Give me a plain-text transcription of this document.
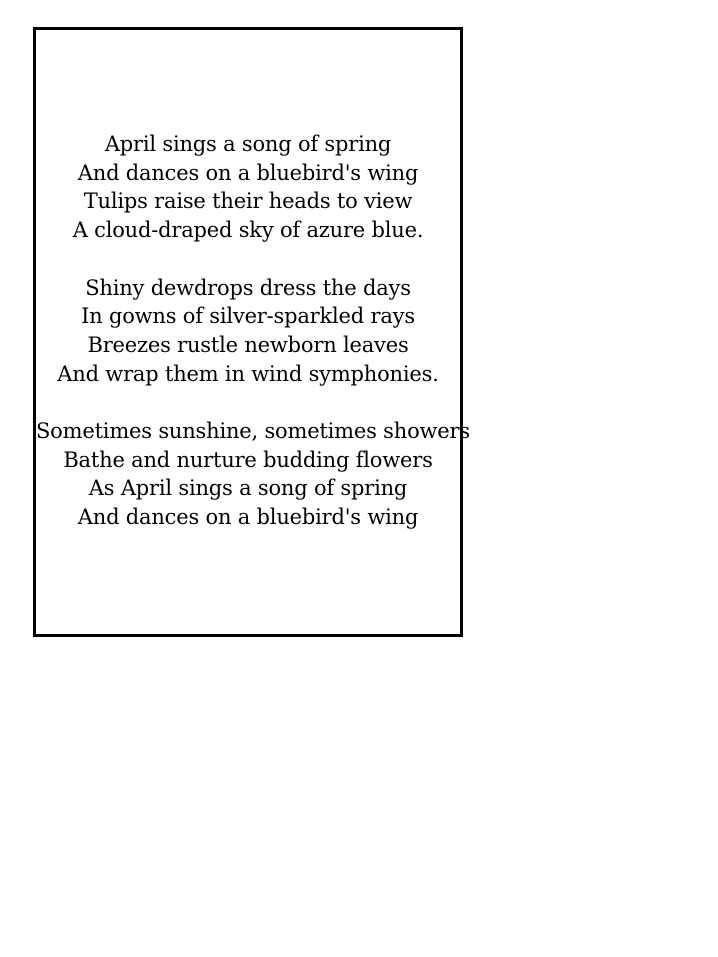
April sings a song of spring
And dances on a bluebird's wing
Tulips raise their heads to view
A cloud-draped sky of azure blue.

Shiny dewdrops dress the days
In gowns of silver-sparkled rays
Breezes rustle newborn leaves
And wrap them in wind symphonies.

Sometimes sunshine, sometimes showers
Bathe and nurture budding flowers
As April sings a song of spring
And dances on a bluebird's wing
